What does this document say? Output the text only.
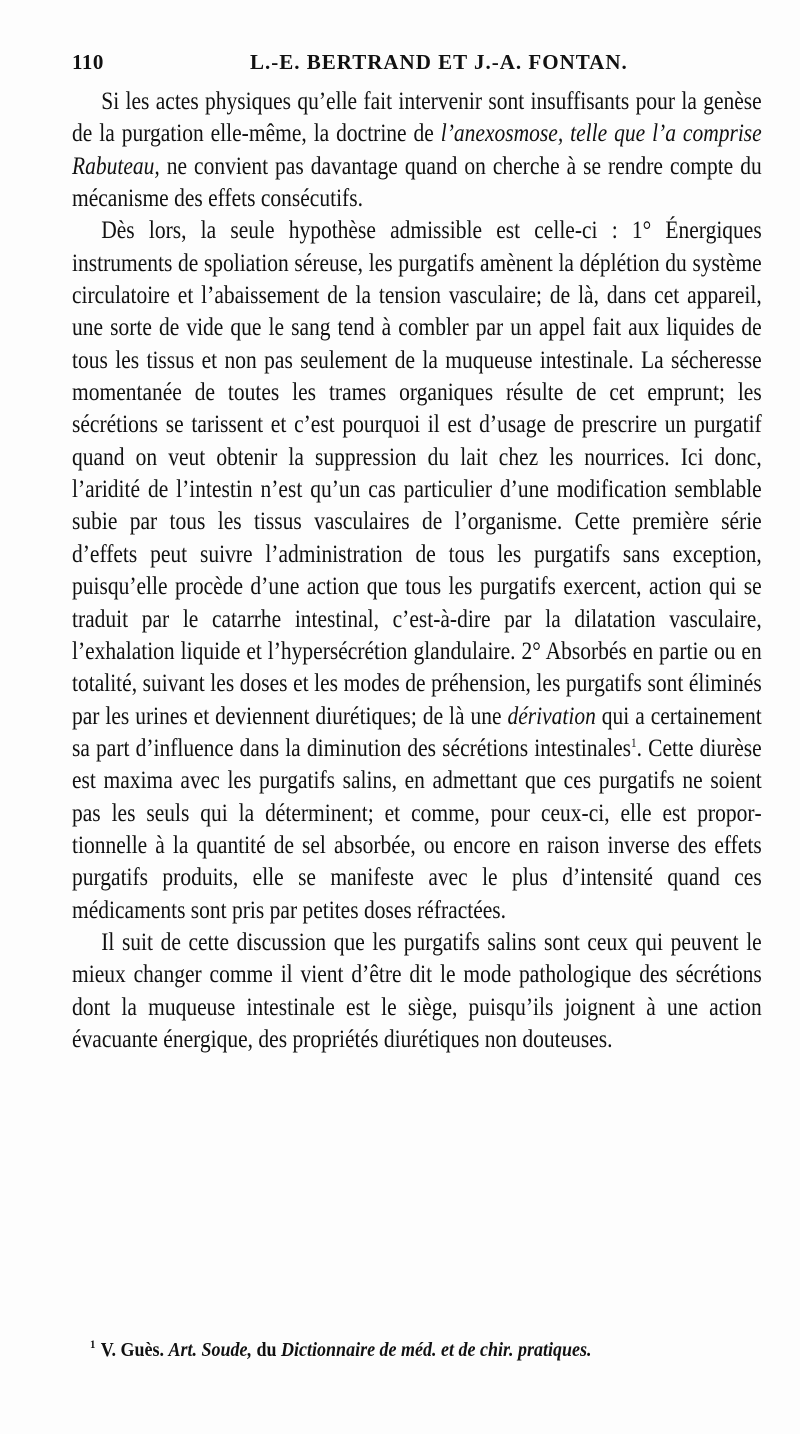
110	L.-E. BERTRAND ET J.-A. FONTAN.

Si les actes physiques qu’elle fait intervenir sont insuffisants pour la genèse de la purgation elle-même, la doctrine de l’anexosmose, telle que l’a comprise Rabuteau, ne convient pas davantage quand on cherche à se rendre compte du mécanisme des effets consécutifs.

Dès lors, la seule hypothèse admissible est celle-ci : 1° Énergiques instruments de spoliation séreuse, les purgatifs amènent la déplétion du système circulatoire et l’abaissement de la tension vasculaire; de là, dans cet appareil, une sorte de vide que le sang tend à combler par un appel fait aux liquides de tous les tissus et non pas seulement de la muqueuse intestinale. La sécheresse momentanée de toutes les trames organiques résulte de cet emprunt; les sécrétions se tarissent et c’est pourquoi il est d’usage de prescrire un purgatif quand on veut obtenir la suppression du lait chez les nourrices. Ici donc, l’aridité de l’intestin n’est qu’un cas particulier d’une modification semblable subie par tous les tissus vasculaires de l’organisme. Cette première série d’effets peut suivre l’administration de tous les purgatifs sans exception, puisqu’elle procède d’une action que tous les purgatifs exercent, action qui se traduit par le catarrhe intestinal, c’est-à-dire par la dilatation vasculaire, l’exhalation liquide et l’hypersécrétion glandulaire. 2° Absorbés en partie ou en totalité, suivant les doses et les modes de préhension, les purgatifs sont éliminés par les urines et deviennent diurétiques; de là une dérivation qui a certainement sa part d’influence dans la diminution des sécrétions intestinales$^1$. Cette diurèse est maxima avec les purgatifs salins, en admettant que ces purgatifs ne soient pas les seuls qui la déterminent; et comme, pour ceux-ci, elle est proportionnelle à la quantité de sel absorbée, ou encore en raison inverse des effets purgatifs produits, elle se manifeste avec le plus d’intensité quand ces médicaments sont pris par petites doses réfractées.

Il suit de cette discussion que les purgatifs salins sont ceux qui peuvent le mieux changer comme il vient d’être dit le mode pathologique des sécrétions dont la muqueuse intestinale est le siège, puisqu’ils joignent à une action évacuante énergique, des propriétés diurétiques non douteuses.

$^1$ V. Guès. Art. Soude, du Dictionnaire de méd. et de chir. pratiques.
